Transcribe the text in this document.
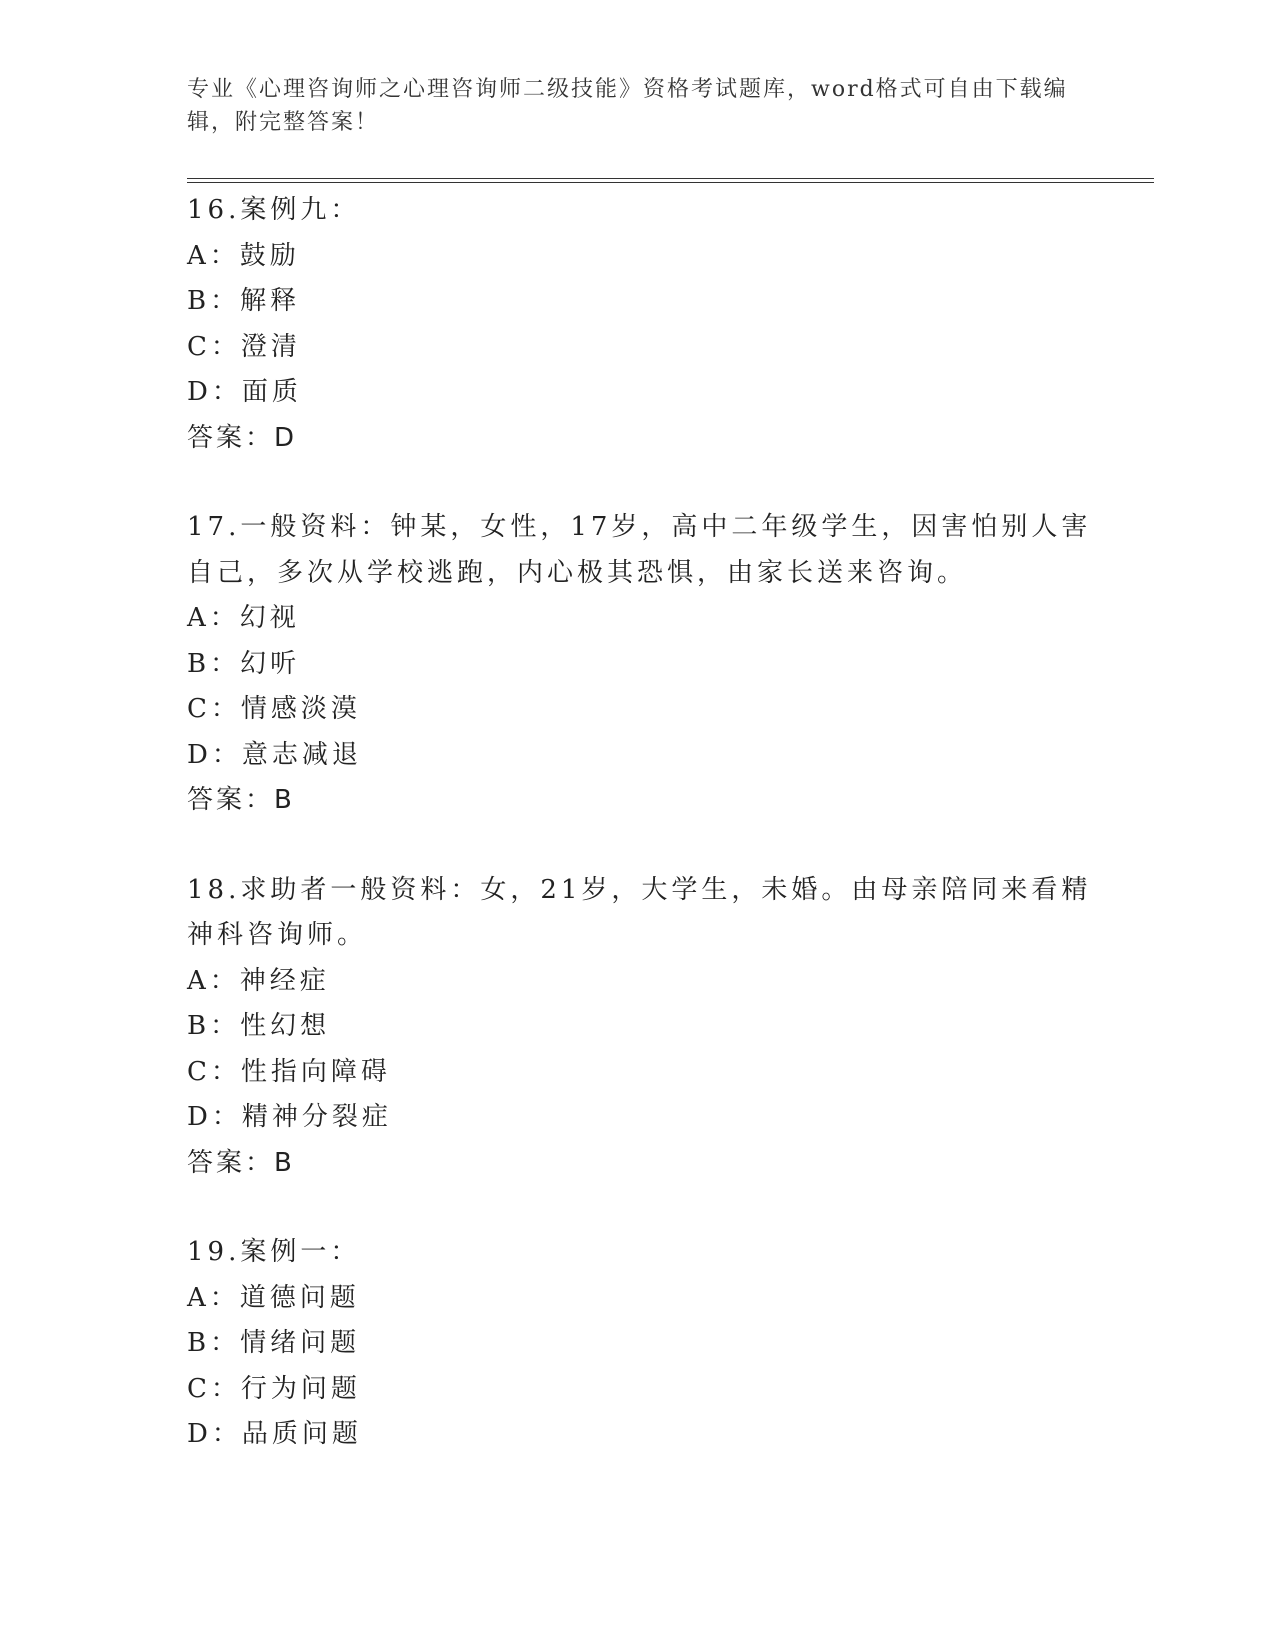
专业《心理咨询师之心理咨询师二级技能》资格考试题库，word格式可自由下载编辑，附完整答案！
16.案例九：
A：鼓励
B：解释
C：澄清
D：面质
答案：D
17.一般资料：钟某，女性，17岁，高中二年级学生，因害怕别人害自己，多次从学校逃跑，内心极其恐惧，由家长送来咨询。
A：幻视
B：幻听
C：情感淡漠
D：意志减退
答案：B
18.求助者一般资料：女，21岁，大学生，未婚。由母亲陪同来看精神科咨询师。
A：神经症
B：性幻想
C：性指向障碍
D：精神分裂症
答案：B
19.案例一：
A：道德问题
B：情绪问题
C：行为问题
D：品质问题
